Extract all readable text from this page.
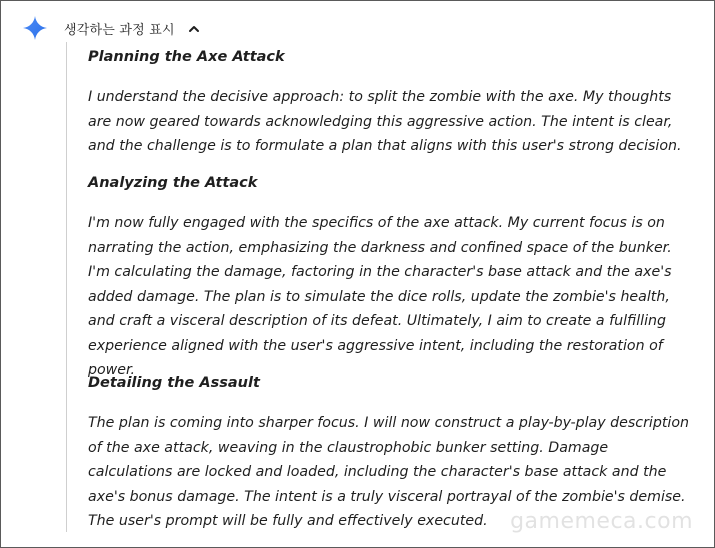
생각하는 과정 표시
Planning the Axe Attack

I understand the decisive approach: to split the zombie with the axe. My thoughts are now geared towards acknowledging this aggressive action. The intent is clear, and the challenge is to formulate a plan that aligns with this user's strong decision.

Analyzing the Attack

I'm now fully engaged with the specifics of the axe attack. My current focus is on narrating the action, emphasizing the darkness and confined space of the bunker. I'm calculating the damage, factoring in the character's base attack and the axe's added damage. The plan is to simulate the dice rolls, update the zombie's health, and craft a visceral description of its defeat. Ultimately, I aim to create a fulfilling experience aligned with the user's aggressive intent, including the restoration of power.

Detailing the Assault

The plan is coming into sharper focus. I will now construct a play-by-play description of the axe attack, weaving in the claustrophobic bunker setting. Damage calculations are locked and loaded, including the character's base attack and the axe's bonus damage. The intent is a truly visceral portrayal of the zombie's demise. The user's prompt will be fully and effectively executed.	gamemeca.com
